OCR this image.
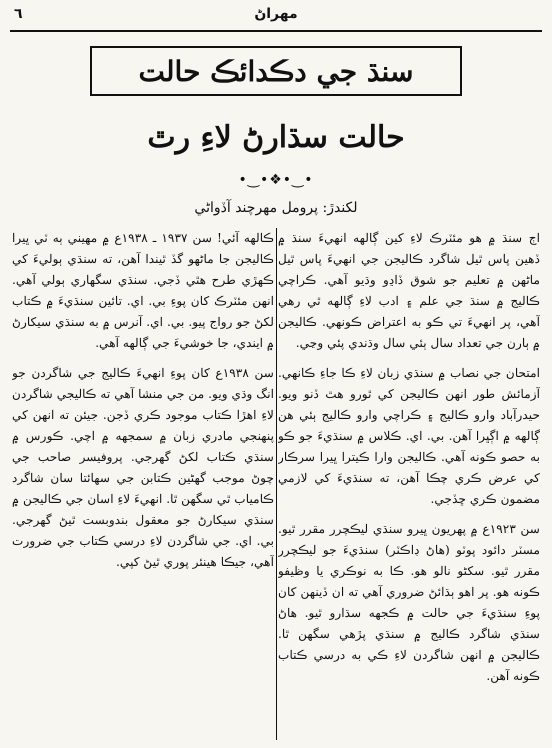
٦	مهراڻ
سنڌ جي دڪدائڪ حالت
حالت سڌارڻ لاءِ رٿ
•‿•❖•‿•
لکندڙ: پرومل مهرچند آڏواڻي

اڄ سنڌ ۾ هو مئٽرڪ لاءِ کين ڳالهه انهيءَ سنڌ ۾ ڏهين پاس ٿيل شاگرد ڪاليجن جي انهيءَ پاس ٿيل ماڻهن ۾ تعليم جو شوق ڏاڍو وڌيو آهي. ڪراچي ڪاليج ۾ سنڌ جي علم ۽ ادب لاءِ ڳالهه ٿي رهي آهي، پر انهيءَ تي ڪو به اعتراض ڪونهي. ڪاليجن ۾ ٻارن جي تعداد سال ٻئي سال وڌندي پئي وڃي.

امتحان جي نصاب ۾ سنڌي زبان لاءِ ڪا جاءِ ڪانهي. آزمائش طور انهن ڪاليجن کي ٿورو هٿ ڏنو ويو. حيدرآباد وارو ڪاليج ۽ ڪراچي وارو ڪاليج ٻئي هن ڳالهه ۾ اڳڀرا آهن. بي. اي. ڪلاس ۾ سنڌيءَ جو ڪو به حصو ڪونه آهي. ڪاليجن وارا ڪيترا ڀيرا سرڪار کي عرض ڪري چڪا آهن، ته سنڌيءَ کي لازمي مضمون ڪري ڇڏجي.

سن ١٩٢٣ع ۾ پهريون ڀيرو سنڌي ليڪچرر مقرر ٿيو. مسٽر دائود پوٽو (هاڻ ڊاڪٽر) سنڌيءَ جو ليڪچرر مقرر ٿيو. سکڻو نالو هو. ڪا به نوڪري يا وظيفو ڪونه هو. پر اهو ٻڌائڻ ضروري آهي ته ان ڏينهن کان پوءِ سنڌيءَ جي حالت ۾ ڪجهه سڌارو ٿيو. هاڻ سنڌي شاگرد ڪاليج ۾ سنڌي پڙهي سگهن ٿا. ڪاليجن ۾ انهن شاگردن لاءِ ڪي به درسي ڪتاب ڪونه آهن.

ڪالهه آئي! سن ١٩٣٧ ـ ١٩٣٨ع ۾ مهيني ٻه ٽي ڀيرا ڪاليجن جا ماڻهو گڏ ٿيندا آهن، ته سنڌي ٻوليءَ کي ڪهڙي طرح هٿي ڏجي. سنڌي سگهاري ٻولي آهي. انهن مئٽرڪ کان پوءِ بي. اي. تائين سنڌيءَ ۾ ڪتاب لکڻ جو رواج پيو. بي. اي. آنرس ۾ به سنڌي سيکارڻ ۾ ايندي، جا خوشيءَ جي ڳالهه آهي.

سن ١٩٣٨ع کان پوءِ انهيءَ ڪاليج جي شاگردن جو انگ وڌي ويو. من جي منشا آهي ته ڪاليجي شاگردن لاءِ اهڙا ڪتاب موجود ڪري ڏجن. جيئن ته انهن کي پنهنجي مادري زبان ۾ سمجهه ۾ اچي. ڪورس ۾ سنڌي ڪتاب لکڻ گهرجي. پروفيسر صاحب جي چوڻ موجب گهڻين ڪتابن جي سهائتا سان شاگرد ڪامياب ٿي سگهن ٿا. انهيءَ لاءِ اسان جي ڪاليجن ۾ سنڌي سيکارڻ جو معقول بندوبست ٿيڻ گهرجي. بي. اي. جي شاگردن لاءِ درسي ڪتاب جي ضرورت آهي، جيڪا هينئر پوري ٿيڻ کپي.
